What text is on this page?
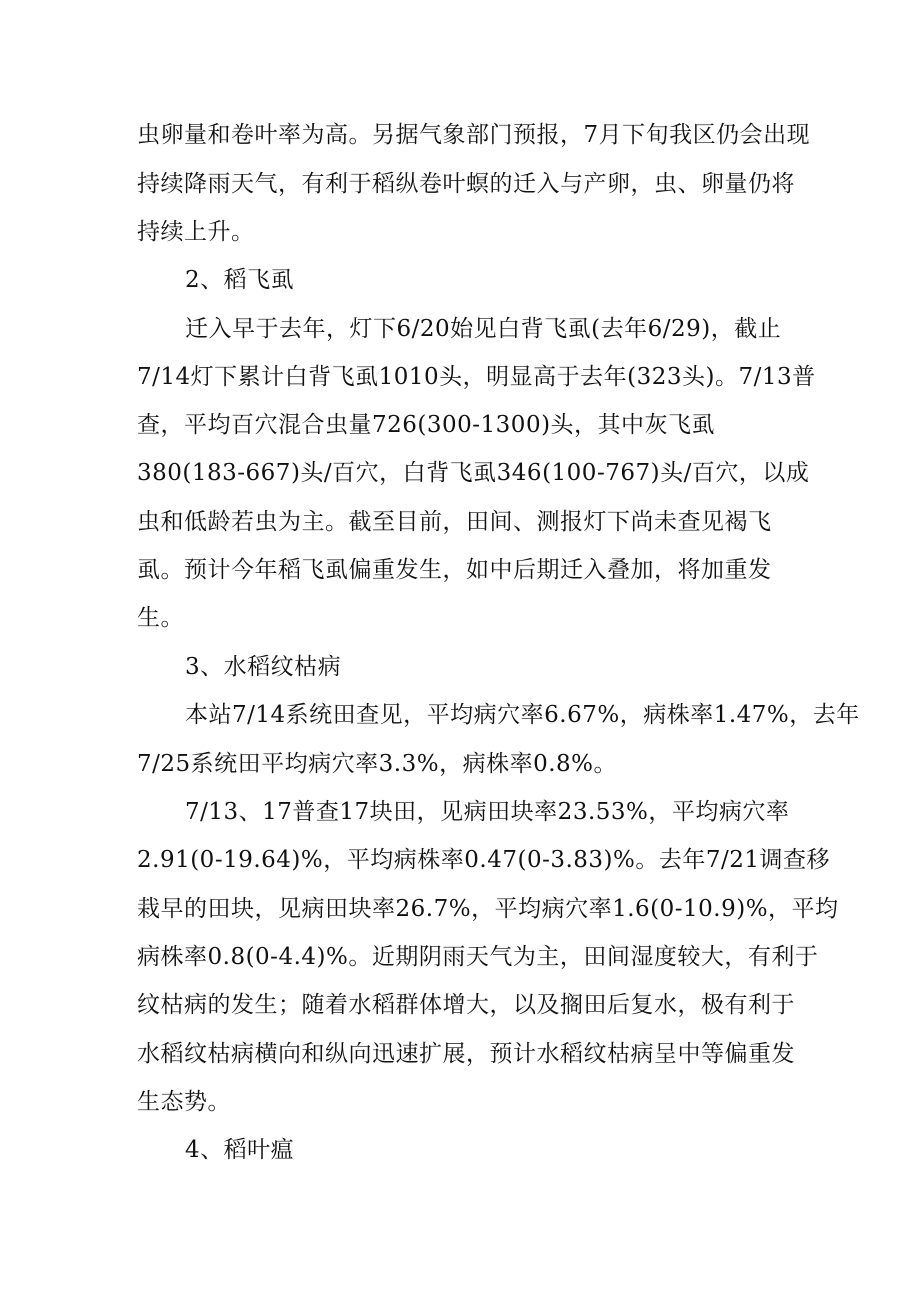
虫卵量和卷叶率为高。另据气象部门预报，7月下旬我区仍会出现
持续降雨天气，有利于稻纵卷叶螟的迁入与产卵，虫、卵量仍将
持续上升。
2、稻飞虱
迁入早于去年，灯下6/20始见白背飞虱(去年6/29)，截止
7/14灯下累计白背飞虱1010头，明显高于去年(323头)。7/13普
查，平均百穴混合虫量726(300-1300)头，其中灰飞虱
380(183-667)头/百穴，白背飞虱346(100-767)头/百穴，以成
虫和低龄若虫为主。截至目前，田间、测报灯下尚未查见褐飞
虱。预计今年稻飞虱偏重发生，如中后期迁入叠加，将加重发
生。
3、水稻纹枯病
本站7/14系统田查见，平均病穴率6.67%，病株率1.47%，去年
7/25系统田平均病穴率3.3%，病株率0.8%。
7/13、17普查17块田，见病田块率23.53%，平均病穴率
2.91(0-19.64)%，平均病株率0.47(0-3.83)%。去年7/21调查移
栽早的田块，见病田块率26.7%，平均病穴率1.6(0-10.9)%，平均
病株率0.8(0-4.4)%。近期阴雨天气为主，田间湿度较大，有利于
纹枯病的发生；随着水稻群体增大，以及搁田后复水，极有利于
水稻纹枯病横向和纵向迅速扩展，预计水稻纹枯病呈中等偏重发
生态势。
4、稻叶瘟
